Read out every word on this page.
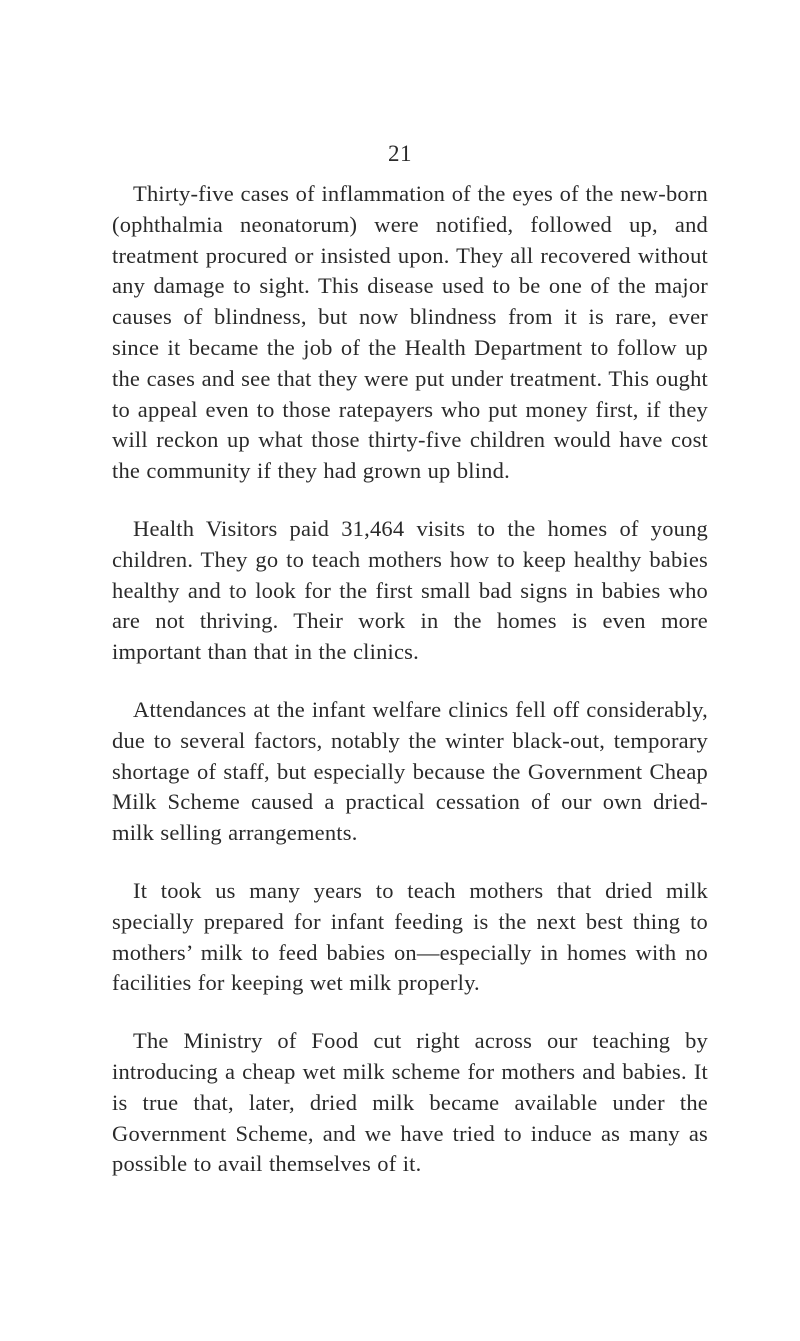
21

Thirty-five cases of inflammation of the eyes of the new-born (ophthalmia neonatorum) were notified, followed up, and treatment procured or insisted upon. They all recovered without any damage to sight. This disease used to be one of the major causes of blindness, but now blindness from it is rare, ever since it became the job of the Health Department to follow up the cases and see that they were put under treatment. This ought to appeal even to those ratepayers who put money first, if they will reckon up what those thirty-five children would have cost the community if they had grown up blind.

Health Visitors paid 31,464 visits to the homes of young children. They go to teach mothers how to keep healthy babies healthy and to look for the first small bad signs in babies who are not thriving. Their work in the homes is even more important than that in the clinics.

Attendances at the infant welfare clinics fell off considerably, due to several factors, notably the winter black-out, temporary shortage of staff, but especially because the Government Cheap Milk Scheme caused a practical cessation of our own dried-milk selling arrangements.

It took us many years to teach mothers that dried milk specially prepared for infant feeding is the next best thing to mothers’ milk to feed babies on—especially in homes with no facilities for keeping wet milk properly.

The Ministry of Food cut right across our teaching by introducing a cheap wet milk scheme for mothers and babies. It is true that, later, dried milk became available under the Government Scheme, and we have tried to induce as many as possible to avail themselves of it.
